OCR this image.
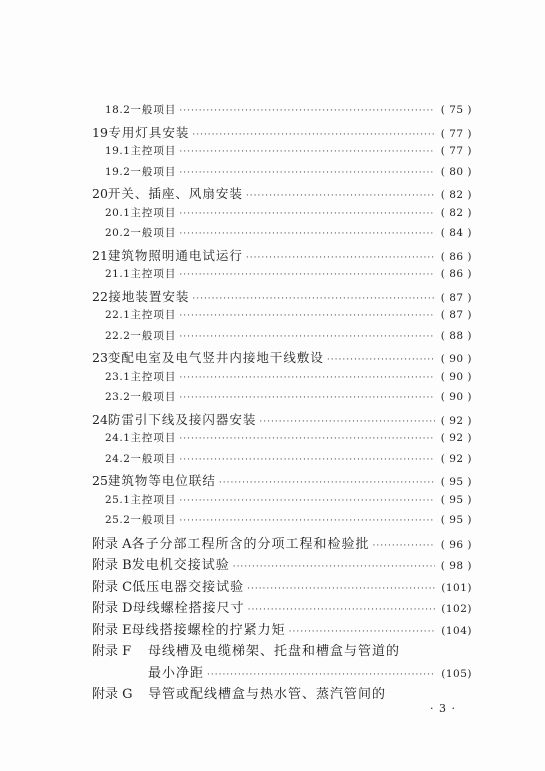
18.2 一般项目 ·····	( 75 )
19 专用灯具安装 ·····	( 77 )
19.1 主控项目 ·····	( 77 )
19.2 一般项目 ·····	( 80 )
20 开关、插座、风扇安装 ·····	( 82 )
20.1 主控项目 ·····	( 82 )
20.2 一般项目 ·····	( 84 )
21 建筑物照明通电试运行 ·····	( 86 )
21.1 主控项目 ·····	( 86 )
22 接地装置安装 ·····	( 87 )
22.1 主控项目 ·····	( 87 )
22.2 一般项目 ·····	( 88 )
23 变配电室及电气竖井内接地干线敷设 ·····	( 90 )
23.1 主控项目 ·····	( 90 )
23.2 一般项目 ·····	( 90 )
24 防雷引下线及接闪器安装 ·····	( 92 )
24.1 主控项目 ·····	( 92 )
24.2 一般项目 ·····	( 92 )
25 建筑物等电位联结 ·····	( 95 )
25.1 主控项目 ·····	( 95 )
25.2 一般项目 ·····	( 95 )
附录 A 各子分部工程所含的分项工程和检验批 ·····	( 96 )
附录 B 发电机交接试验 ·····	( 98 )
附录 C 低压电器交接试验 ·····	(101)
附录 D 母线螺栓搭接尺寸 ·····	(102)
附录 E 母线搭接螺栓的拧紧力矩 ·····	(104)
附录 F	母线槽及电缆梯架、托盘和槽盒与管道的
最小净距 ·····	(105)
附录 G	导管或配线槽盒与热水管、蒸汽管间的
· 3 ·
